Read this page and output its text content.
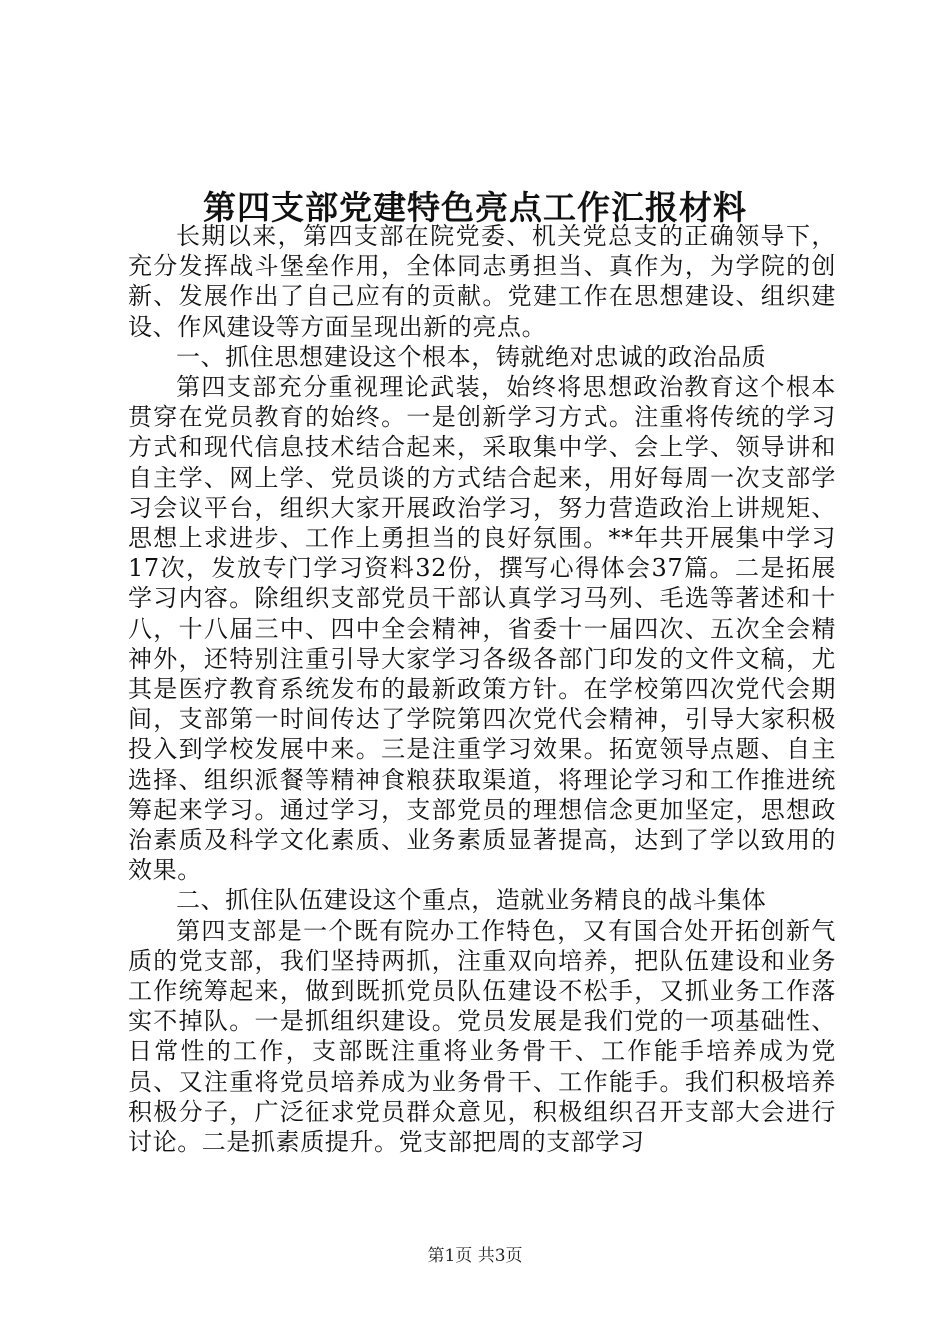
第四支部党建特色亮点工作汇报材料

长期以来，第四支部在院党委、机关党总支的正确领导下，充分发挥战斗堡垒作用，全体同志勇担当、真作为，为学院的创新、发展作出了自己应有的贡献。党建工作在思想建设、组织建设、作风建设等方面呈现出新的亮点。

一、抓住思想建设这个根本，铸就绝对忠诚的政治品质

第四支部充分重视理论武装，始终将思想政治教育这个根本贯穿在党员教育的始终。一是创新学习方式。注重将传统的学习方式和现代信息技术结合起来，采取集中学、会上学、领导讲和自主学、网上学、党员谈的方式结合起来，用好每周一次支部学习会议平台，组织大家开展政治学习，努力营造政治上讲规矩、思想上求进步、工作上勇担当的良好氛围。**年共开展集中学习17次，发放专门学习资料32份，撰写心得体会37篇。二是拓展学习内容。除组织支部党员干部认真学习马列、毛选等著述和十八，十八届三中、四中全会精神，省委十一届四次、五次全会精神外，还特别注重引导大家学习各级各部门印发的文件文稿，尤其是医疗教育系统发布的最新政策方针。在学校第四次党代会期间，支部第一时间传达了学院第四次党代会精神，引导大家积极投入到学校发展中来。三是注重学习效果。拓宽领导点题、自主选择、组织派餐等精神食粮获取渠道，将理论学习和工作推进统筹起来学习。通过学习，支部党员的理想信念更加坚定，思想政治素质及科学文化素质、业务素质显著提高，达到了学以致用的效果。

二、抓住队伍建设这个重点，造就业务精良的战斗集体

第四支部是一个既有院办工作特色，又有国合处开拓创新气质的党支部，我们坚持两抓，注重双向培养，把队伍建设和业务工作统筹起来，做到既抓党员队伍建设不松手，又抓业务工作落实不掉队。一是抓组织建设。党员发展是我们党的一项基础性、日常性的工作，支部既注重将业务骨干、工作能手培养成为党员、又注重将党员培养成为业务骨干、工作能手。我们积极培养积极分子，广泛征求党员群众意见，积极组织召开支部大会进行讨论。二是抓素质提升。党支部把周的支部学习

第1页 共3页
